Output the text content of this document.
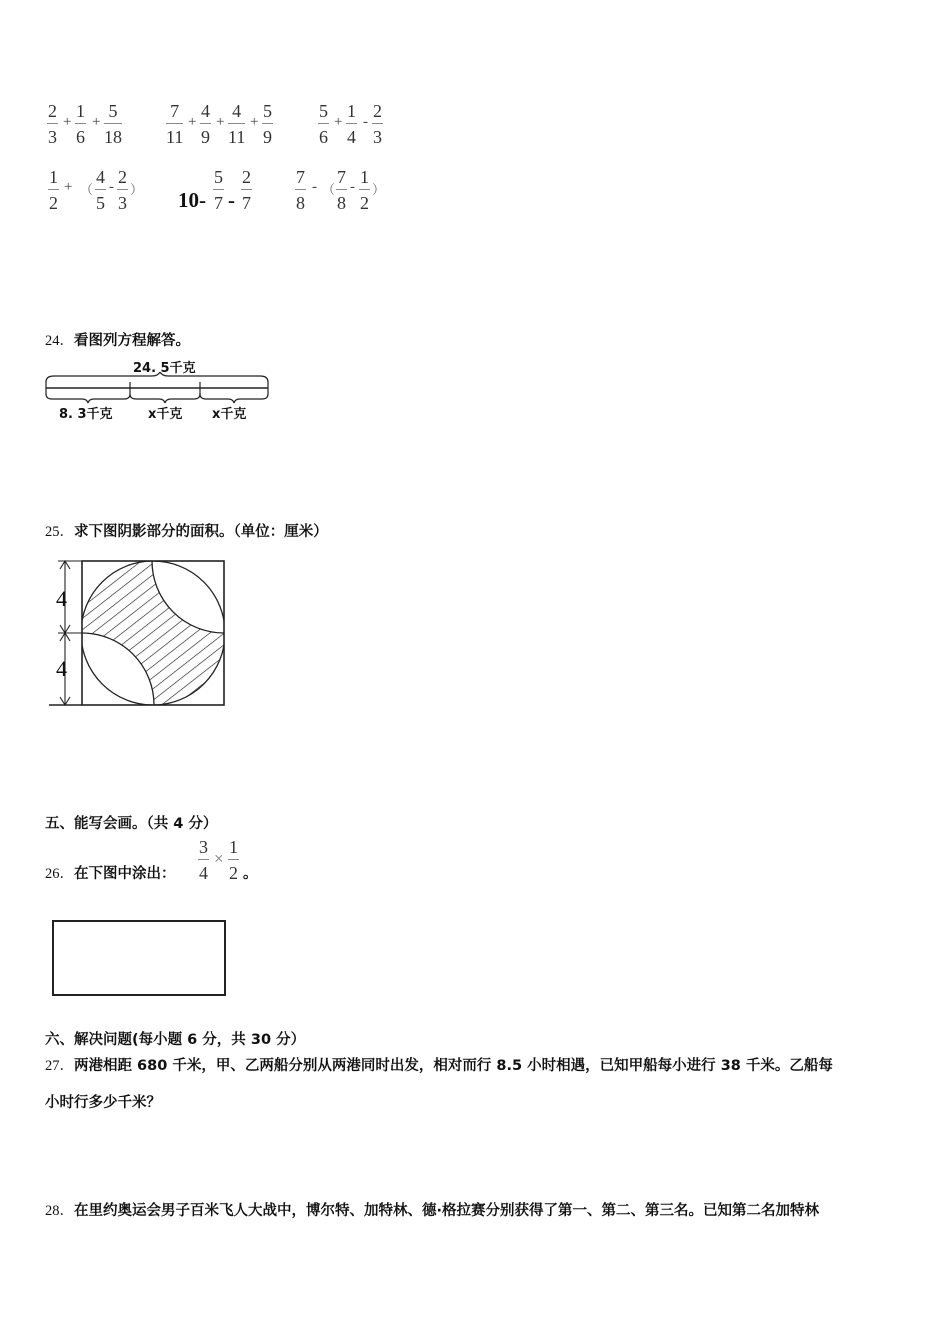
2
3
+
1
6
+
5
18
7
11
+
4
9
+
4
11
+
5
9
5
6
+
1
4
-
2
3
1
2
+ （
4
5
- 2
3
） 10-
5
7 -
2
7
7
8
- （
7
8
- 1
2
）
24．看图列方程解答。
24. 5千克
8. 3千克	x千克 x千克
25．求下图阴影部分的面积。（单位：厘米）
4
4
五、能写会画。（共 4 分）
26．在下图中涂出：
3
4
×
1
2 。
六、解决问题(每小题 6 分，共 30 分）
27．两港相距 680 千米，甲、乙两船分别从两港同时出发，相对而行 8.5 小时相遇，已知甲船每小进行 38 千米。乙船每
小时行多少千米？
28．在里约奥运会男子百米飞人大战中，博尔特、加特林、德·格拉赛分别获得了第一、第二、第三名。已知第二名加特林
